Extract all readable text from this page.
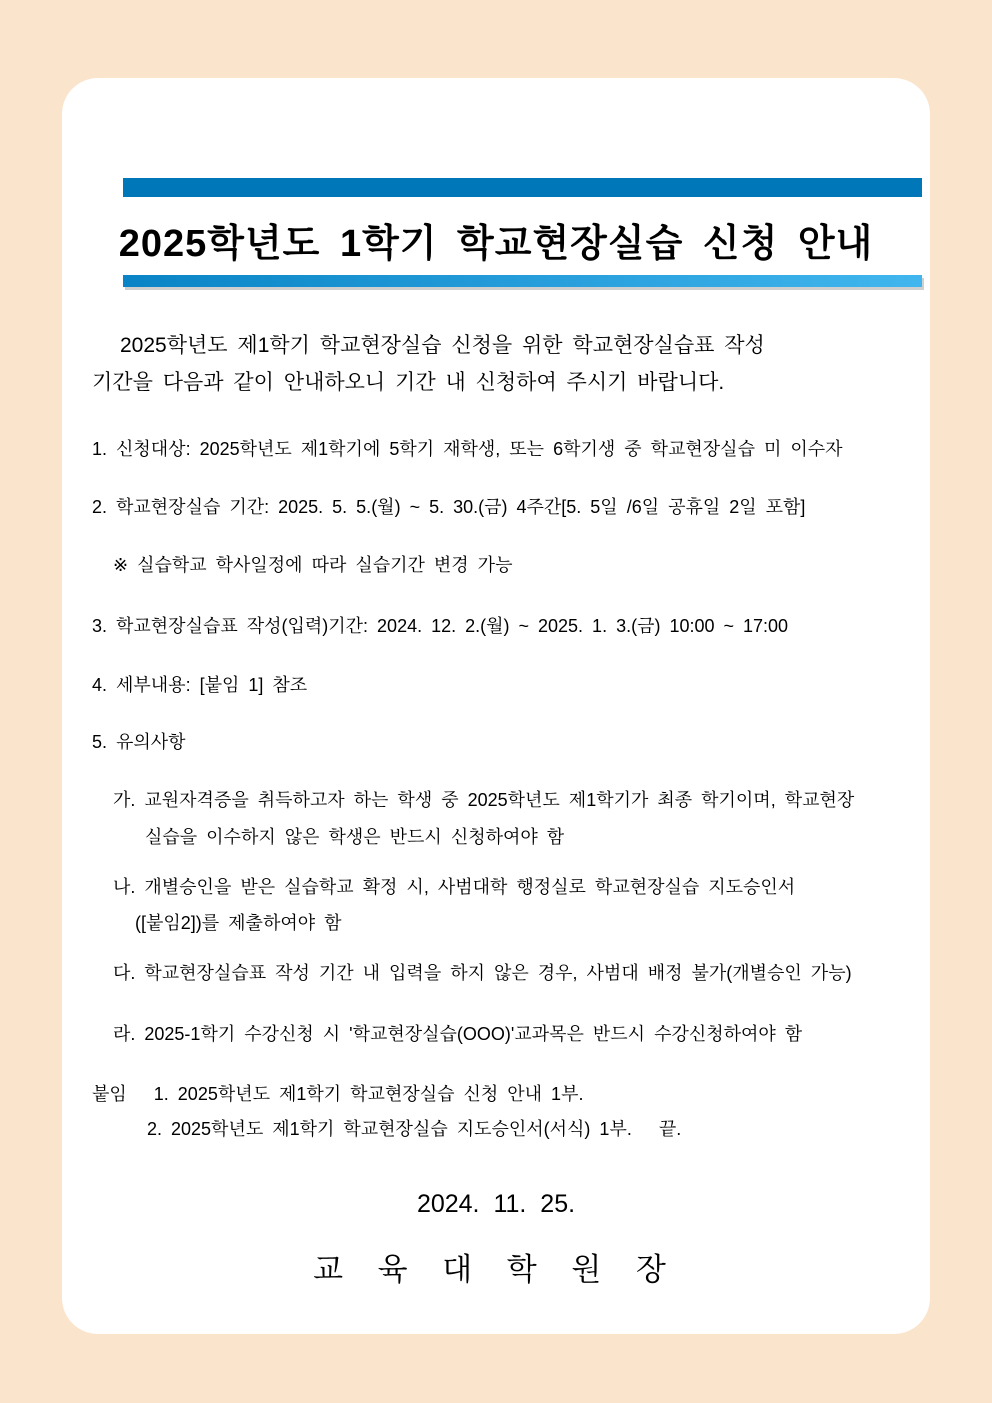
2025학년도 1학기 학교현장실습 신청 안내
2025학년도 제1학기 학교현장실습 신청을 위한 학교현장실습표 작성
기간을 다음과 같이 안내하오니 기간 내 신청하여 주시기 바랍니다.
1. 신청대상: 2025학년도 제1학기에 5학기 재학생, 또는 6학기생 중 학교현장실습 미 이수자
2. 학교현장실습 기간: 2025. 5. 5.(월) ~ 5. 30.(금) 4주간[5. 5일 /6일 공휴일 2일 포함]
※ 실습학교 학사일정에 따라 실습기간 변경 가능
3. 학교현장실습표 작성(입력)기간: 2024. 12. 2.(월) ~ 2025. 1. 3.(금) 10:00 ~ 17:00
4. 세부내용: [붙임 1] 참조
5. 유의사항
가. 교원자격증을 취득하고자 하는 학생 중 2025학년도 제1학기가 최종 학기이며, 학교현장
실습을 이수하지 않은 학생은 반드시 신청하여야 함
나. 개별승인을 받은 실습학교 확정 시, 사범대학 행정실로 학교현장실습 지도승인서
([붙임2])를 제출하여야 함
다. 학교현장실습표 작성 기간 내 입력을 하지 않은 경우, 사범대 배정 불가(개별승인 가능)
라. 2025-1학기 수강신청 시 '학교현장실습(OOO)'교과목은 반드시 수강신청하여야 함
붙임   1. 2025학년도 제1학기 학교현장실습 신청 안내 1부.
2. 2025학년도 제1학기 학교현장실습 지도승인서(서식) 1부.   끝.
2024. 11. 25.
교 육 대 학 원 장
